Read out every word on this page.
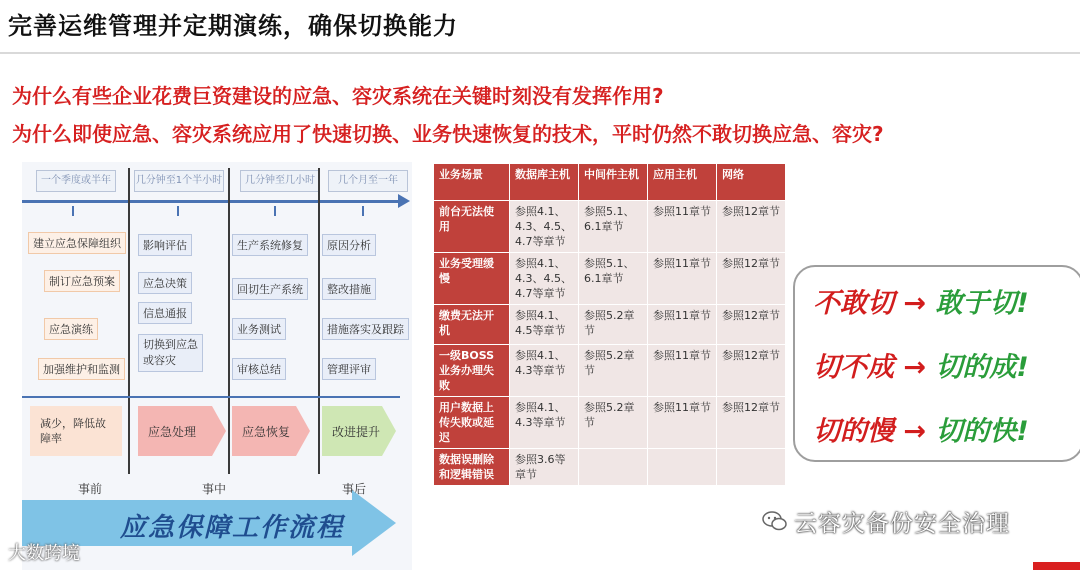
完善运维管理并定期演练，确保切换能力
为什么有些企业花费巨资建设的应急、容灾系统在关键时刻没有发挥作用?
为什么即使应急、容灾系统应用了快速切换、业务快速恢复的技术，平时仍然不敢切换应急、容灾?
一个季度或半年	几分钟至1个半小时	几分钟至几小时	几个月至一年
建立应急保障组织
制订应急预案
应急演练
加强维护和监测
影响评估
应急决策
信息通报
切换到应急
或容灾
生产系统修复
回切生产系统
业务测试
审核总结
原因分析
整改措施
措施落实及跟踪
管理评审
减少，降低故
障率	应急处理	应急恢复	改进提升
事前	事中	事后
应急保障工作流程
大数跨境
业务场景	数据库主机	中间件主机	应用主机	网络
前台无法使用	参照4.1、4.3、4.5、4.7等章节	参照5.1、6.1章节	参照11章节	参照12章节
业务受理缓慢	参照4.1、4.3、4.5、4.7等章节	参照5.1、6.1章节	参照11章节	参照12章节
缴费无法开机	参照4.1、4.5等章节	参照5.2章节	参照11章节	参照12章节
一级BOSS业务办理失败	参照4.1、4.3等章节	参照5.2章节	参照11章节	参照12章节
用户数据上传失败或延迟	参照4.1、4.3等章节	参照5.2章节	参照11章节	参照12章节
数据误删除和逻辑错误	参照3.6等章节			
不敢切 → 敢于切!
切不成 → 切的成!
切的慢 → 切的快!
云容灾备份安全治理
